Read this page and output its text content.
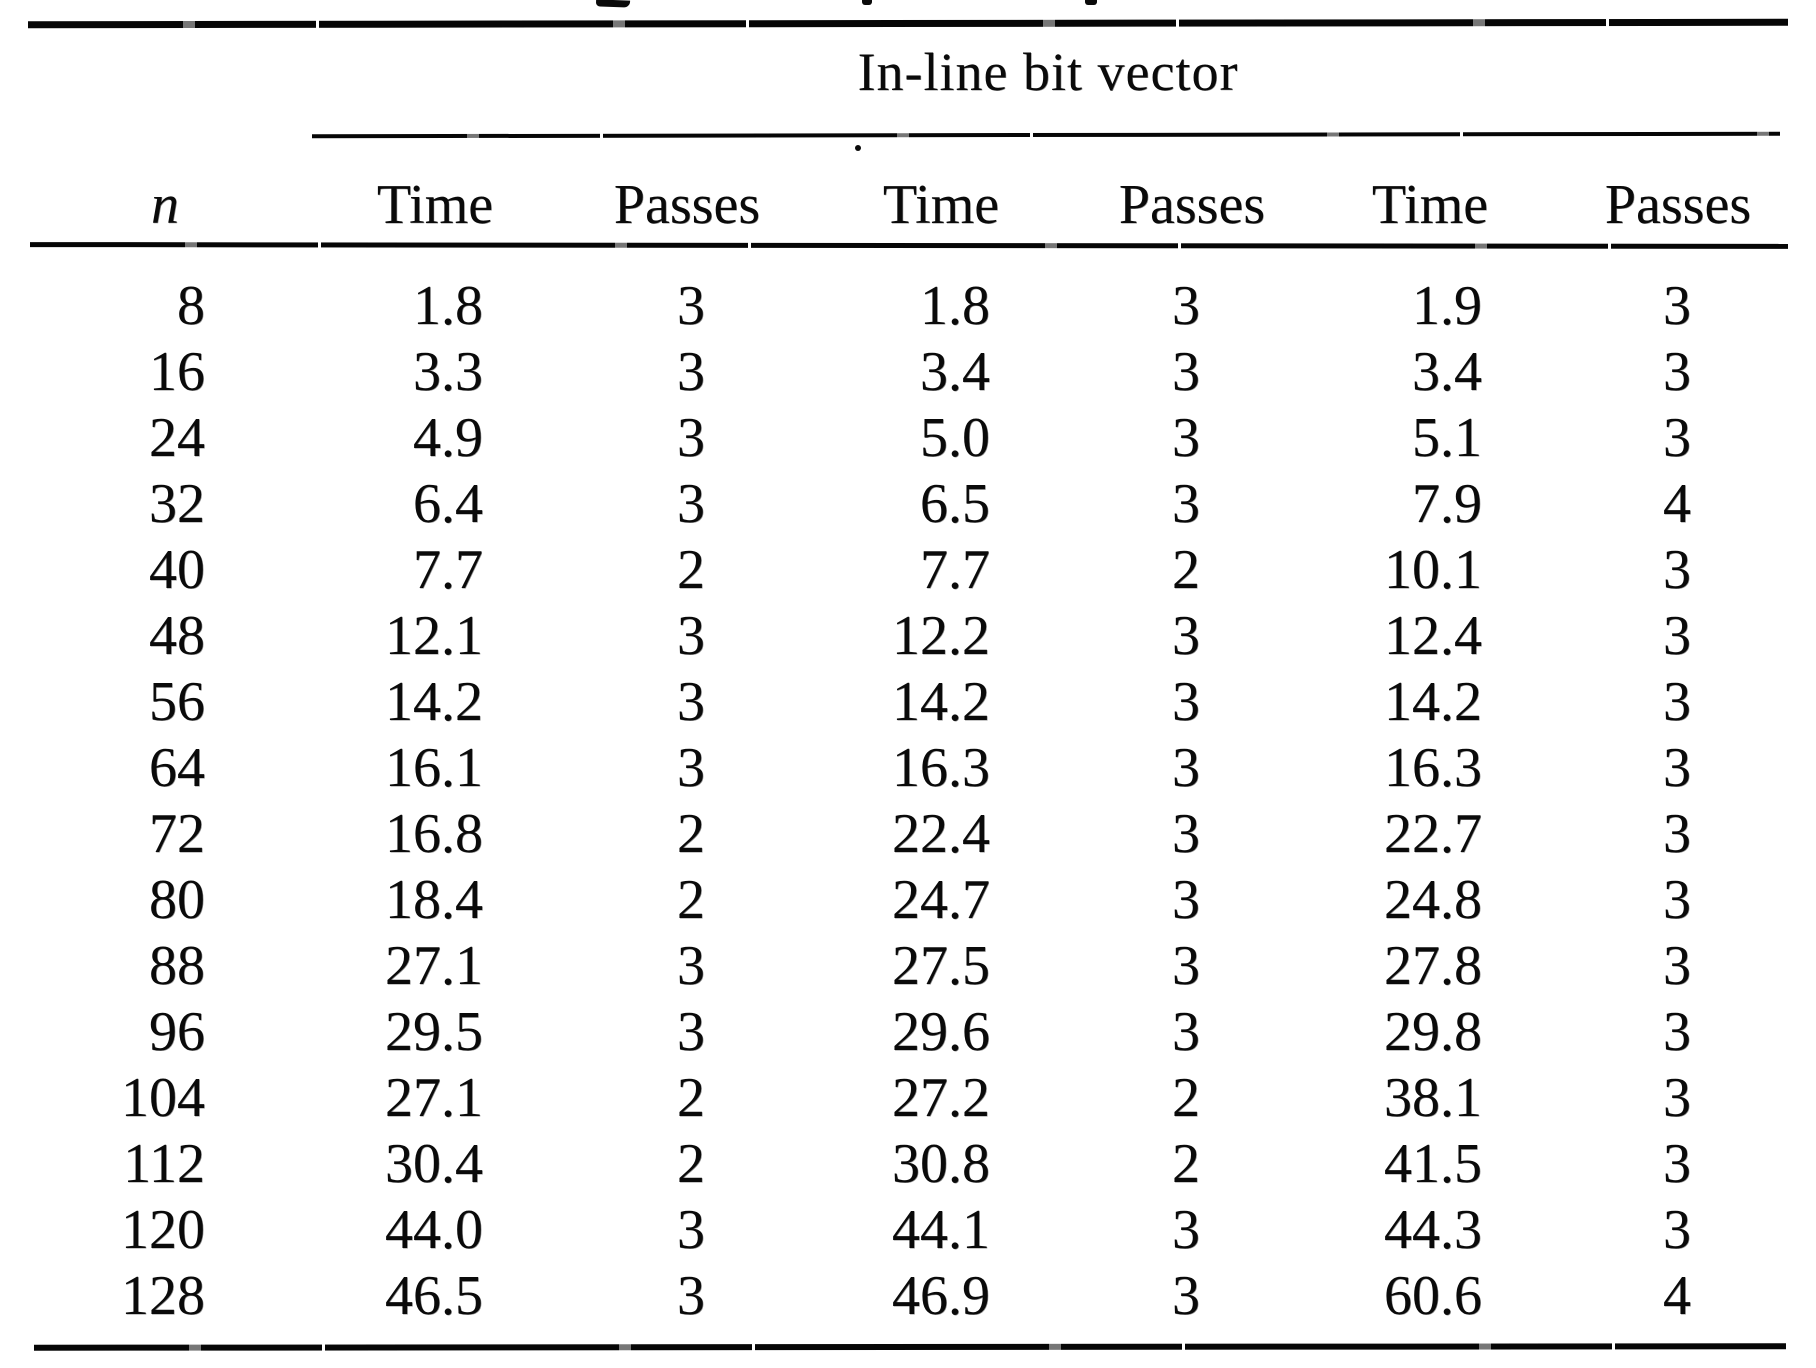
In-line bit vector
n	Time	Passes	Time	Passes	Time	Passes
8	1.8	3	1.8	3	1.9	3
16	3.3	3	3.4	3	3.4	3
24	4.9	3	5.0	3	5.1	3
32	6.4	3	6.5	3	7.9	4
40	7.7	2	7.7	2	10.1	3
48	12.1	3	12.2	3	12.4	3
56	14.2	3	14.2	3	14.2	3
64	16.1	3	16.3	3	16.3	3
72	16.8	2	22.4	3	22.7	3
80	18.4	2	24.7	3	24.8	3
88	27.1	3	27.5	3	27.8	3
96	29.5	3	29.6	3	29.8	3
104	27.1	2	27.2	2	38.1	3
112	30.4	2	30.8	2	41.5	3
120	44.0	3	44.1	3	44.3	3
128	46.5	3	46.9	3	60.6	4
